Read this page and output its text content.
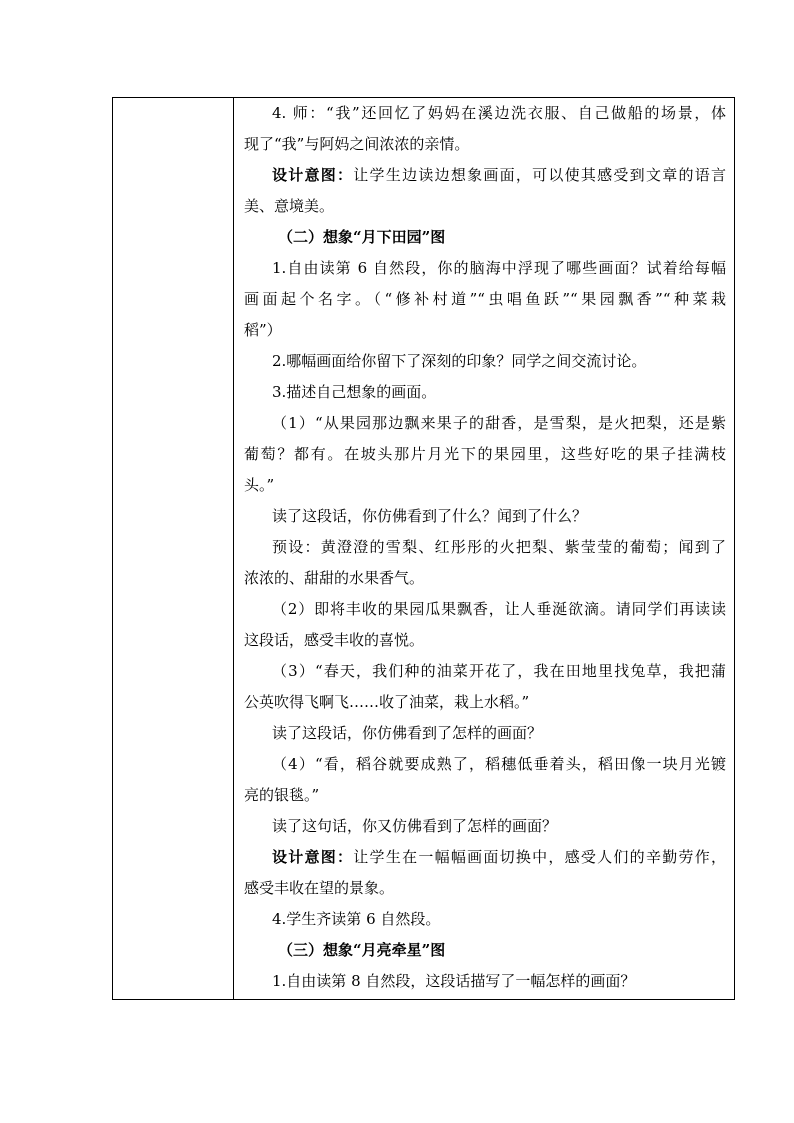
4. 师：“我”还回忆了妈妈在溪边洗衣服、自己做船的场景，体
现了“我”与阿妈之间浓浓的亲情。
设计意图：让学生边读边想象画面，可以使其感受到文章的语言
美、意境美。
（二）想象“月下田园”图
1.自由读第 6 自然段，你的脑海中浮现了哪些画面？试着给每幅
画面起个名字。（“修补村道”“虫唱鱼跃”“果园飘香”“种菜栽
稻”）
2.哪幅画面给你留下了深刻的印象？同学之间交流讨论。
3.描述自己想象的画面。
（1）“从果园那边飘来果子的甜香，是雪梨，是火把梨，还是紫
葡萄？都有。在坡头那片月光下的果园里，这些好吃的果子挂满枝
头。”
读了这段话，你仿佛看到了什么？闻到了什么？
预设：黄澄澄的雪梨、红彤彤的火把梨、紫莹莹的葡萄；闻到了
浓浓的、甜甜的水果香气。
（2）即将丰收的果园瓜果飘香，让人垂涎欲滴。请同学们再读读
这段话，感受丰收的喜悦。
（3）“春天，我们种的油菜开花了，我在田地里找兔草，我把蒲
公英吹得飞啊飞……收了油菜，栽上水稻。”
读了这段话，你仿佛看到了怎样的画面？
（4）“看，稻谷就要成熟了，稻穗低垂着头，稻田像一块月光镀
亮的银毯。”
读了这句话，你又仿佛看到了怎样的画面？
设计意图：让学生在一幅幅画面切换中，感受人们的辛勤劳作，
感受丰收在望的景象。
4.学生齐读第 6 自然段。
（三）想象“月亮牵星”图
1.自由读第 8 自然段，这段话描写了一幅怎样的画面？
